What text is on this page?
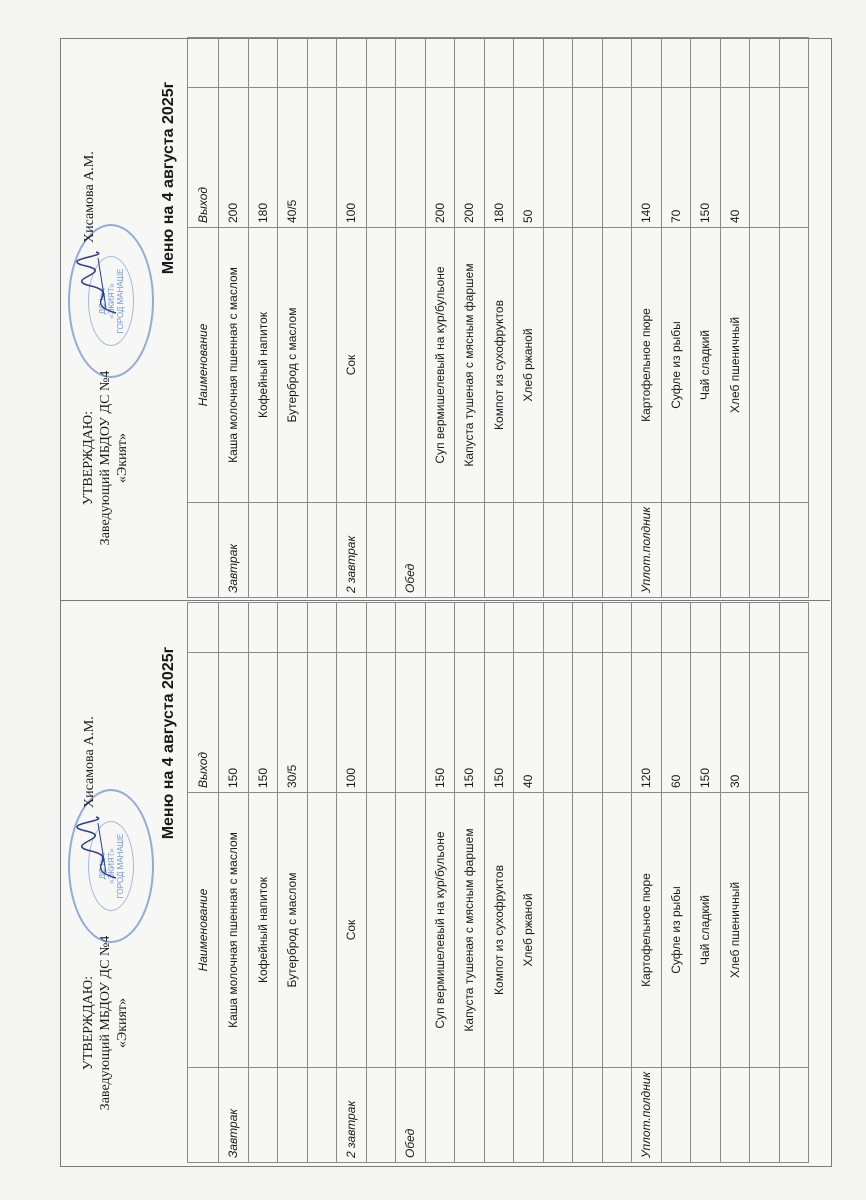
УТВЕРЖДАЮ: Заведующий МБДОУ ДС №4 «Экият»
ДС №4 «ЭКИЯТ» ГОРОД МАНАШЕ
Хисамова А.М.	Меню на 4 августа 2025г
	Наименование	Выход	
Завтрак	Каша молочная пшенная с маслом	150	
	Кофейный напиток	150	
	Бутерброд с маслом	30/5	

2 завтрак	Сок	100	

Обед			
	Суп вермишелевый на кур/бульоне	150	
	Капуста тушеная с мясным фаршем	150	
	Компот из сухофруктов	150	
	Хлеб ржаной	40	

Уплот.полдник	Картофельное пюре	120	
	Суфле из рыбы	60	
	Чай сладкий	150	
	Хлеб пшеничный	30	

УТВЕРЖДАЮ: Заведующий МБДОУ ДС №4 «Экият»
ДС №4 «ЭКИЯТ» ГОРОД МАНАШЕ
Хисамова А.М.	Меню на 4 августа 2025г
	Наименование	Выход	
Завтрак	Каша молочная пшенная с маслом	200	
	Кофейный напиток	180	
	Бутерброд с маслом	40/5	

2 завтрак	Сок	100	

Обед			
	Суп вермишелевый на кур/бульоне	200	
	Капуста тушеная с мясным фаршем	200	
	Компот из сухофруктов	180	
	Хлеб ржаной	50	

Уплот.полдник	Картофельное пюре	140	
	Суфле из рыбы	70	
	Чай сладкий	150	
	Хлеб пшеничный	40	
